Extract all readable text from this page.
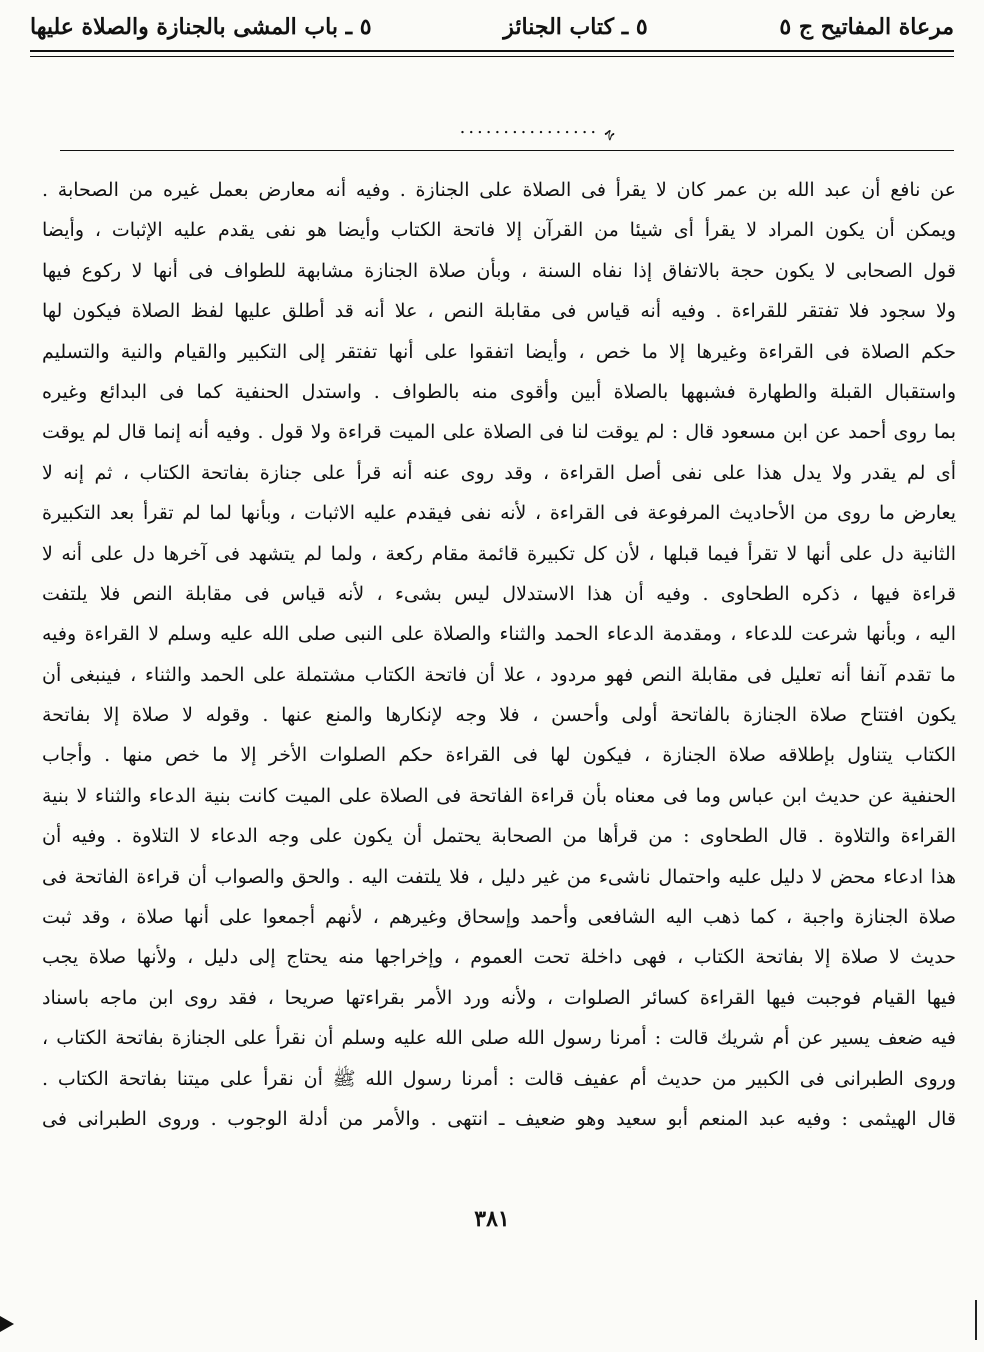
مرعاة المفاتيح ج ٥
٥ ـ كتاب الجنائز
٥ ـ باب المشى بالجنازة والصلاة عليها
ﮩ
................
عن نافع أن عبد الله بن عمر كان لا يقرأ فى الصلاة على الجنازة . وفيه أنه معارض بعمل غيره من الصحابة .
ويمكن أن يكون المراد لا يقرأ أى شيئا من القرآن إلا فاتحة الكتاب وأيضا هو نفى يقدم عليه الإثبات ، وأيضا
قول الصحابى لا يكون حجة بالاتفاق إذا نفاه السنة ، وبأن صلاة الجنازة مشابهة للطواف فى أنها لا ركوع فيها
ولا سجود فلا تفتقر للقراءة . وفيه أنه قياس فى مقابلة النص ، علا أنه قد أطلق عليها لفظ الصلاة فيكون لها
حكم الصلاة فى القراءة وغيرها إلا ما خص ، وأيضا اتفقوا على أنها تفتقر إلى التكبير والقيام والنية والتسليم
واستقبال القبلة والطهارة فشبهها بالصلاة أبين وأقوى منه بالطواف . واستدل الحنفية كما فى البدائع وغيره
بما روى أحمد عن ابن مسعود قال : لم يوقت لنا فى الصلاة على الميت قراءة ولا قول . وفيه أنه إنما قال لم يوقت
أى لم يقدر ولا يدل هذا على نفى أصل القراءة ، وقد روى عنه أنه قرأ على جنازة بفاتحة الكتاب ، ثم إنه لا
يعارض ما روى من الأحاديث المرفوعة فى القراءة ، لأنه نفى فيقدم عليه الاثبات ، وبأنها لما لم تقرأ بعد التكبيرة
الثانية دل على أنها لا تقرأ فيما قبلها ، لأن كل تكبيرة قائمة مقام ركعة ، ولما لم يتشهد فى آخرها دل على أنه لا
قراءة فيها ، ذكره الطحاوى . وفيه أن هذا الاستدلال ليس بشىء ، لأنه قياس فى مقابلة النص فلا يلتفت
اليه ، وبأنها شرعت للدعاء ، ومقدمة الدعاء الحمد والثناء والصلاة على النبى صلى الله عليه وسلم لا القراءة وفيه
ما تقدم آنفا أنه تعليل فى مقابلة النص فهو مردود ، علا أن فاتحة الكتاب مشتملة على الحمد والثناء ، فينبغى أن
يكون افتتاح صلاة الجنازة بالفاتحة أولى وأحسن ، فلا وجه لإنكارها والمنع عنها . وقوله لا صلاة إلا بفاتحة
الكتاب يتناول بإطلاقه صلاة الجنازة ، فيكون لها فى القراءة حكم الصلوات الأخر إلا ما خص منها . وأجاب
الحنفية عن حديث ابن عباس وما فى معناه بأن قراءة الفاتحة فى الصلاة على الميت كانت بنية الدعاء والثناء لا بنية
القراءة والتلاوة . قال الطحاوى : من قرأها من الصحابة يحتمل أن يكون على وجه الدعاء لا التلاوة . وفيه أن
هذا ادعاء محض لا دليل عليه واحتمال ناشىء من غير دليل ، فلا يلتفت اليه . والحق والصواب أن قراءة الفاتحة فى
صلاة الجنازة واجبة ، كما ذهب اليه الشافعى وأحمد وإسحاق وغيرهم ، لأنهم أجمعوا على أنها صلاة ، وقد ثبت
حديث لا صلاة إلا بفاتحة الكتاب ، فهى داخلة تحت العموم ، وإخراجها منه يحتاج إلى دليل ، ولأنها صلاة يجب
فيها القيام فوجبت فيها القراءة كسائر الصلوات ، ولأنه ورد الأمر بقراءتها صريحا ، فقد روى ابن ماجه باسناد
فيه ضعف يسير عن أم شريك قالت : أمرنا رسول الله صلى الله عليه وسلم أن نقرأ على الجنازة بفاتحة الكتاب ،
وروى الطبرانى فى الكبير من حديث أم عفيف قالت : أمرنا رسول الله ﷺ أن نقرأ على ميتنا بفاتحة الكتاب .
قال الهيثمى : وفيه عبد المنعم أبو سعيد وهو ضعيف ـ انتهى . والأمر من أدلة الوجوب . وروى الطبرانى فى
٣٨١
